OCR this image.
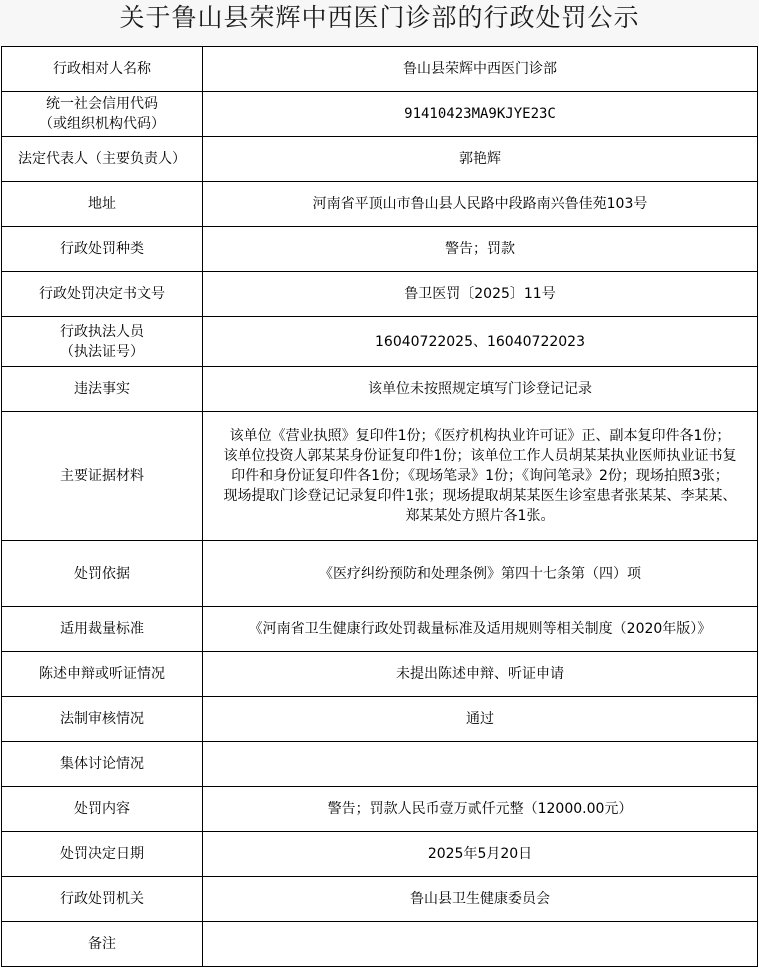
关于鲁山县荣辉中西医门诊部的行政处罚公示
行政相对人名称	鲁山县荣辉中西医门诊部
统一社会信用代码
（或组织机构代码）	91410423MA9KJYE23C
法定代表人（主要负责人）	郭艳辉
地址	河南省平顶山市鲁山县人民路中段路南兴鲁佳苑103号
行政处罚种类	警告；罚款
行政处罚决定书文号	鲁卫医罚〔2025〕11号
行政执法人员
（执法证号）	16040722025、16040722023
违法事实	该单位未按照规定填写门诊登记记录
主要证据材料	该单位《营业执照》复印件1份；《医疗机构执业许可证》正、副本复印件各1份；
该单位投资人郭某某身份证复印件1份；该单位工作人员胡某某执业医师执业证书复
印件和身份证复印件各1份；《现场笔录》1份；《询问笔录》2份；现场拍照3张；
现场提取门诊登记记录复印件1张；现场提取胡某某医生诊室患者张某某、李某某、
郑某某处方照片各1张。
处罚依据	《医疗纠纷预防和处理条例》第四十七条第（四）项
适用裁量标准	《河南省卫生健康行政处罚裁量标准及适用规则等相关制度（2020年版）》
陈述申辩或听证情况	未提出陈述申辩、听证申请
法制审核情况	通过
集体讨论情况	
处罚内容	警告；罚款人民币壹万贰仟元整（12000.00元）
处罚决定日期	2025年5月20日
行政处罚机关	鲁山县卫生健康委员会
备注	
